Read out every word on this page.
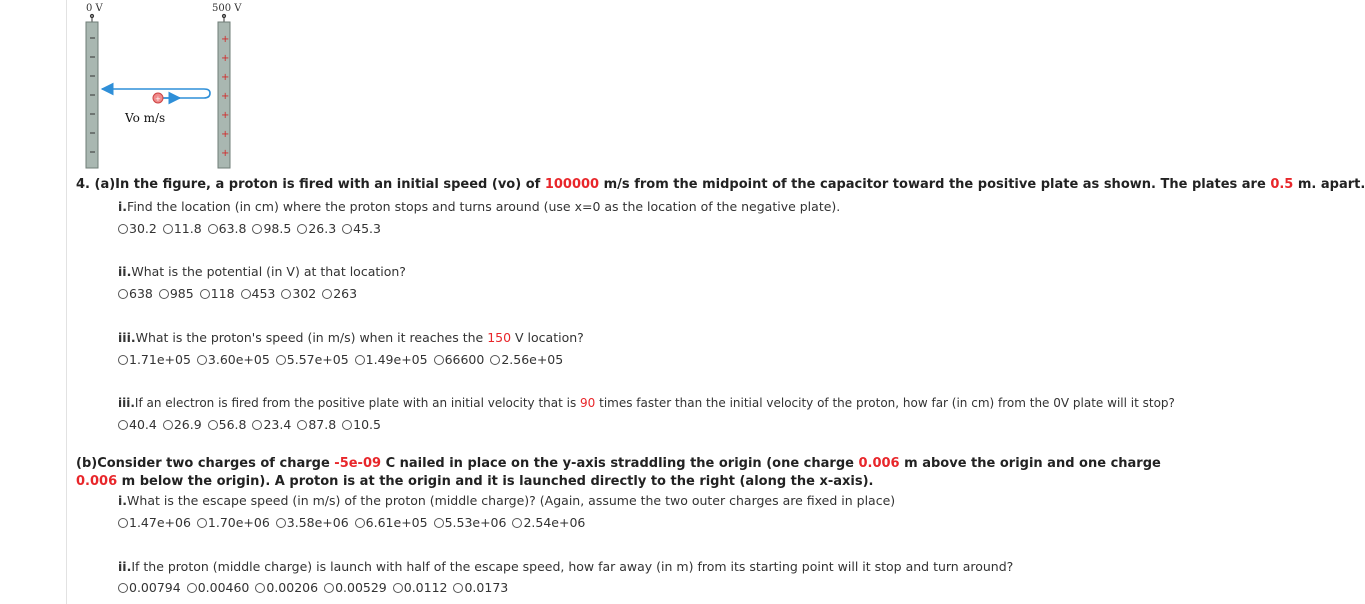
0 V	500 V
+
+
+
+
+
+
+
+
Vo m/s
4. (a)In the figure, a proton is fired with an initial speed (vo) of 100000 m/s from the midpoint of the capacitor toward the positive plate as shown. The plates are 0.5 m. apart.
i.Find the location (in cm) where the proton stops and turns around (use x=0 as the location of the negative plate).
30.2
11.8
63.8
98.5
26.3
45.3
ii.What is the potential (in V) at that location?
638
985
118
453
302
263
iii.What is the proton's speed (in m/s) when it reaches the 150 V location?
1.71e+05
3.60e+05
5.57e+05
1.49e+05
66600
2.56e+05
iii.If an electron is fired from the positive plate with an initial velocity that is 90 times faster than the initial velocity of the proton, how far (in cm) from the 0V plate will it stop?
40.4
26.9
56.8
23.4
87.8
10.5
(b)Consider two charges of charge -5e-09 C nailed in place on the y-axis straddling the origin (one charge 0.006 m above the origin and one charge 0.006 m below the origin). A proton is at the origin and it is launched directly to the right (along the x-axis).
i.What is the escape speed (in m/s) of the proton (middle charge)? (Again, assume the two outer charges are fixed in place)
1.47e+06
1.70e+06
3.58e+06
6.61e+05
5.53e+06
2.54e+06
ii.If the proton (middle charge) is launch with half of the escape speed, how far away (in m) from its starting point will it stop and turn around?
0.00794
0.00460
0.00206
0.00529
0.0112
0.0173
